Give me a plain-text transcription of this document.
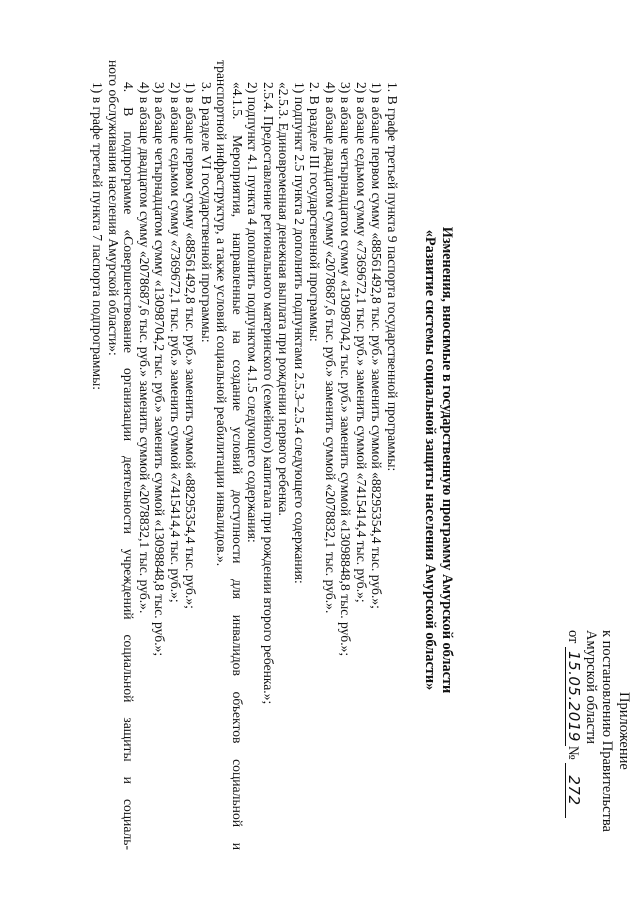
Приложение
к постановлению Правительства
Амурской области
от 15.05.2019№ 272
Изменения, вносимые в государственную программу Амурской области
«Развитие системы социальной защиты населения Амурской области»
1. В графе третьей пункта 9 паспорта государственной программы:
1) в абзаце первом сумму «88561492,8 тыс. руб.» заменить суммой «88295354,4 тыс. руб.»;
2) в абзаце седьмом сумму «7369672,1 тыс. руб.» заменить суммой «7415414,4 тыс. руб.»;
3) в абзаце четырнадцатом сумму «13098704,2 тыс. руб.» заменить суммой «13098848,8 тыс. руб.»;
4) в абзаце двадцатом сумму «2078687,6 тыс. руб.» заменить суммой «2078832,1 тыс. руб.».
2. В разделе III государственной программы:
1) подпункт 2.5 пункта 2 дополнить подпунктами 2.5.3–2.5.4 следующего содержания:
«2.5.3. Единовременная денежная выплата при рождении первого ребенка.
2.5.4. Предоставление регионального материнского (семейного) капитала при рождении второго ребенка.»;
2) подпункт 4.1 пункта 4 дополнить подпунктом 4.1.5 следующего содержания:
«4.1.5. Мероприятия, направленные на создание условий доступности для инвалидов объектов социальной и
транспортной инфраструктур, а также условий социальной реабилитации инвалидов.».
3. В разделе VI государственной программы:
1) в абзаце первом сумму «88561492,8 тыс. руб.» заменить суммой «88295354,4 тыс. руб.»;
2) в абзаце седьмом сумму «7369672,1 тыс. руб.» заменить суммой «7415414,4 тыс. руб.»;
3) в абзаце четырнадцатом сумму «13098704,2 тыс. руб.» заменить суммой «13098848,8 тыс. руб.»;
4) в абзаце двадцатом сумму «2078687,6 тыс. руб.» заменить суммой «2078832,1 тыс. руб.».
4. В подпрограмме «Совершенствование организации деятельности учреждений социальной защиты и социаль-
ного обслуживания населения Амурской области»:
1) в графе третьей пункта 7 паспорта подпрограммы:
